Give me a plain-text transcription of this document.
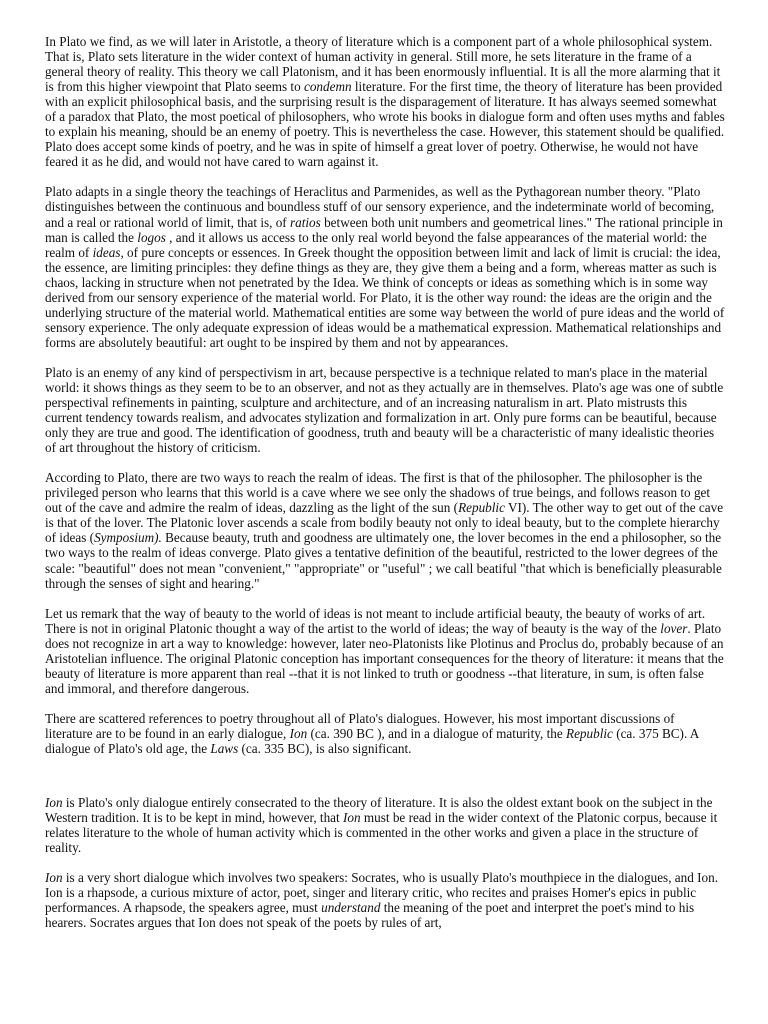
In Plato we find, as we will later in Aristotle, a theory of literature which is a component part of a whole philosophical system. That is, Plato sets literature in the wider context of human activity in general. Still more, he sets literature in the frame of a general theory of reality. This theory we call Platonism, and it has been enormously influential. It is all the more alarming that it is from this higher viewpoint that Plato seems to condemn literature. For the first time, the theory of literature has been provided with an explicit philosophical basis, and the surprising result is the disparagement of literature. It has always seemed somewhat of a paradox that Plato, the most poetical of philosophers, who wrote his books in dialogue form and often uses myths and fables to explain his meaning, should be an enemy of poetry. This is nevertheless the case. However, this statement should be qualified. Plato does accept some kinds of poetry, and he was in spite of himself a great lover of poetry. Otherwise, he would not have feared it as he did, and would not have cared to warn against it.

Plato adapts in a single theory the teachings of Heraclitus and Parmenides, as well as the Pythagorean number theory. "Plato distinguishes between the continuous and boundless stuff of our sensory experience, and the indeterminate world of becoming, and a real or rational world of limit, that is, of ratios between both unit numbers and geometrical lines." The rational principle in man is called the logos , and it allows us access to the only real world beyond the false appearances of the material world: the realm of ideas, of pure concepts or essences. In Greek thought the opposition between limit and lack of limit is crucial: the idea, the essence, are limiting principles: they define things as they are, they give them a being and a form, whereas matter as such is chaos, lacking in structure when not penetrated by the Idea. We think of concepts or ideas as something which is in some way derived from our sensory experience of the material world. For Plato, it is the other way round: the ideas are the origin and the underlying structure of the material world. Mathematical entities are some way between the world of pure ideas and the world of sensory experience. The only adequate expression of ideas would be a mathematical expression. Mathematical relationships and forms are absolutely beautiful: art ought to be inspired by them and not by appearances.

Plato is an enemy of any kind of perspectivism in art, because perspective is a technique related to man's place in the material world: it shows things as they seem to be to an observer, and not as they actually are in themselves. Plato's age was one of subtle perspectival refinements in painting, sculpture and architecture, and of an increasing naturalism in art. Plato mistrusts this current tendency towards realism, and advocates stylization and formalization in art. Only pure forms can be beautiful, because only they are true and good. The identification of goodness, truth and beauty will be a characteristic of many idealistic theories of art throughout the history of criticism.

According to Plato, there are two ways to reach the realm of ideas. The first is that of the philosopher. The philosopher is the privileged person who learns that this world is a cave where we see only the shadows of true beings, and follows reason to get out of the cave and admire the realm of ideas, dazzling as the light of the sun (Republic VI). The other way to get out of the cave is that of the lover. The Platonic lover ascends a scale from bodily beauty not only to ideal beauty, but to the complete hierarchy of ideas (Symposium). Because beauty, truth and goodness are ultimately one, the lover becomes in the end a philosopher, so the two ways to the realm of ideas converge. Plato gives a tentative definition of the beautiful, restricted to the lower degrees of the scale: "beautiful" does not mean "convenient," "appropriate" or "useful" ; we call beatiful "that which is beneficially pleasurable through the senses of sight and hearing."

Let us remark that the way of beauty to the world of ideas is not meant to include artificial beauty, the beauty of works of art. There is not in original Platonic thought a way of the artist to the world of ideas; the way of beauty is the way of the lover. Plato does not recognize in art a way to knowledge: however, later neo-Platonists like Plotinus and Proclus do, probably because of an Aristotelian influence. The original Platonic conception has important consequences for the theory of literature: it means that the beauty of literature is more apparent than real --that it is not linked to truth or goodness --that literature, in sum, is often false and immoral, and therefore dangerous.

There are scattered references to poetry throughout all of Plato's dialogues. However, his most important discussions of literature are to be found in an early dialogue, Ion (ca. 390 BC ), and in a dialogue of maturity, the Republic (ca. 375 BC). A dialogue of Plato's old age, the Laws (ca. 335 BC), is also significant.

Ion is Plato's only dialogue entirely consecrated to the theory of literature. It is also the oldest extant book on the subject in the Western tradition. It is to be kept in mind, however, that Ion must be read in the wider context of the Platonic corpus, because it relates literature to the whole of human activity which is commented in the other works and given a place in the structure of reality.

Ion is a very short dialogue which involves two speakers: Socrates, who is usually Plato's mouthpiece in the dialogues, and Ion. Ion is a rhapsode, a curious mixture of actor, poet, singer and literary critic, who recites and praises Homer's epics in public performances. A rhapsode, the speakers agree, must understand the meaning of the poet and interpret the poet's mind to his hearers. Socrates argues that Ion does not speak of the poets by rules of art,
